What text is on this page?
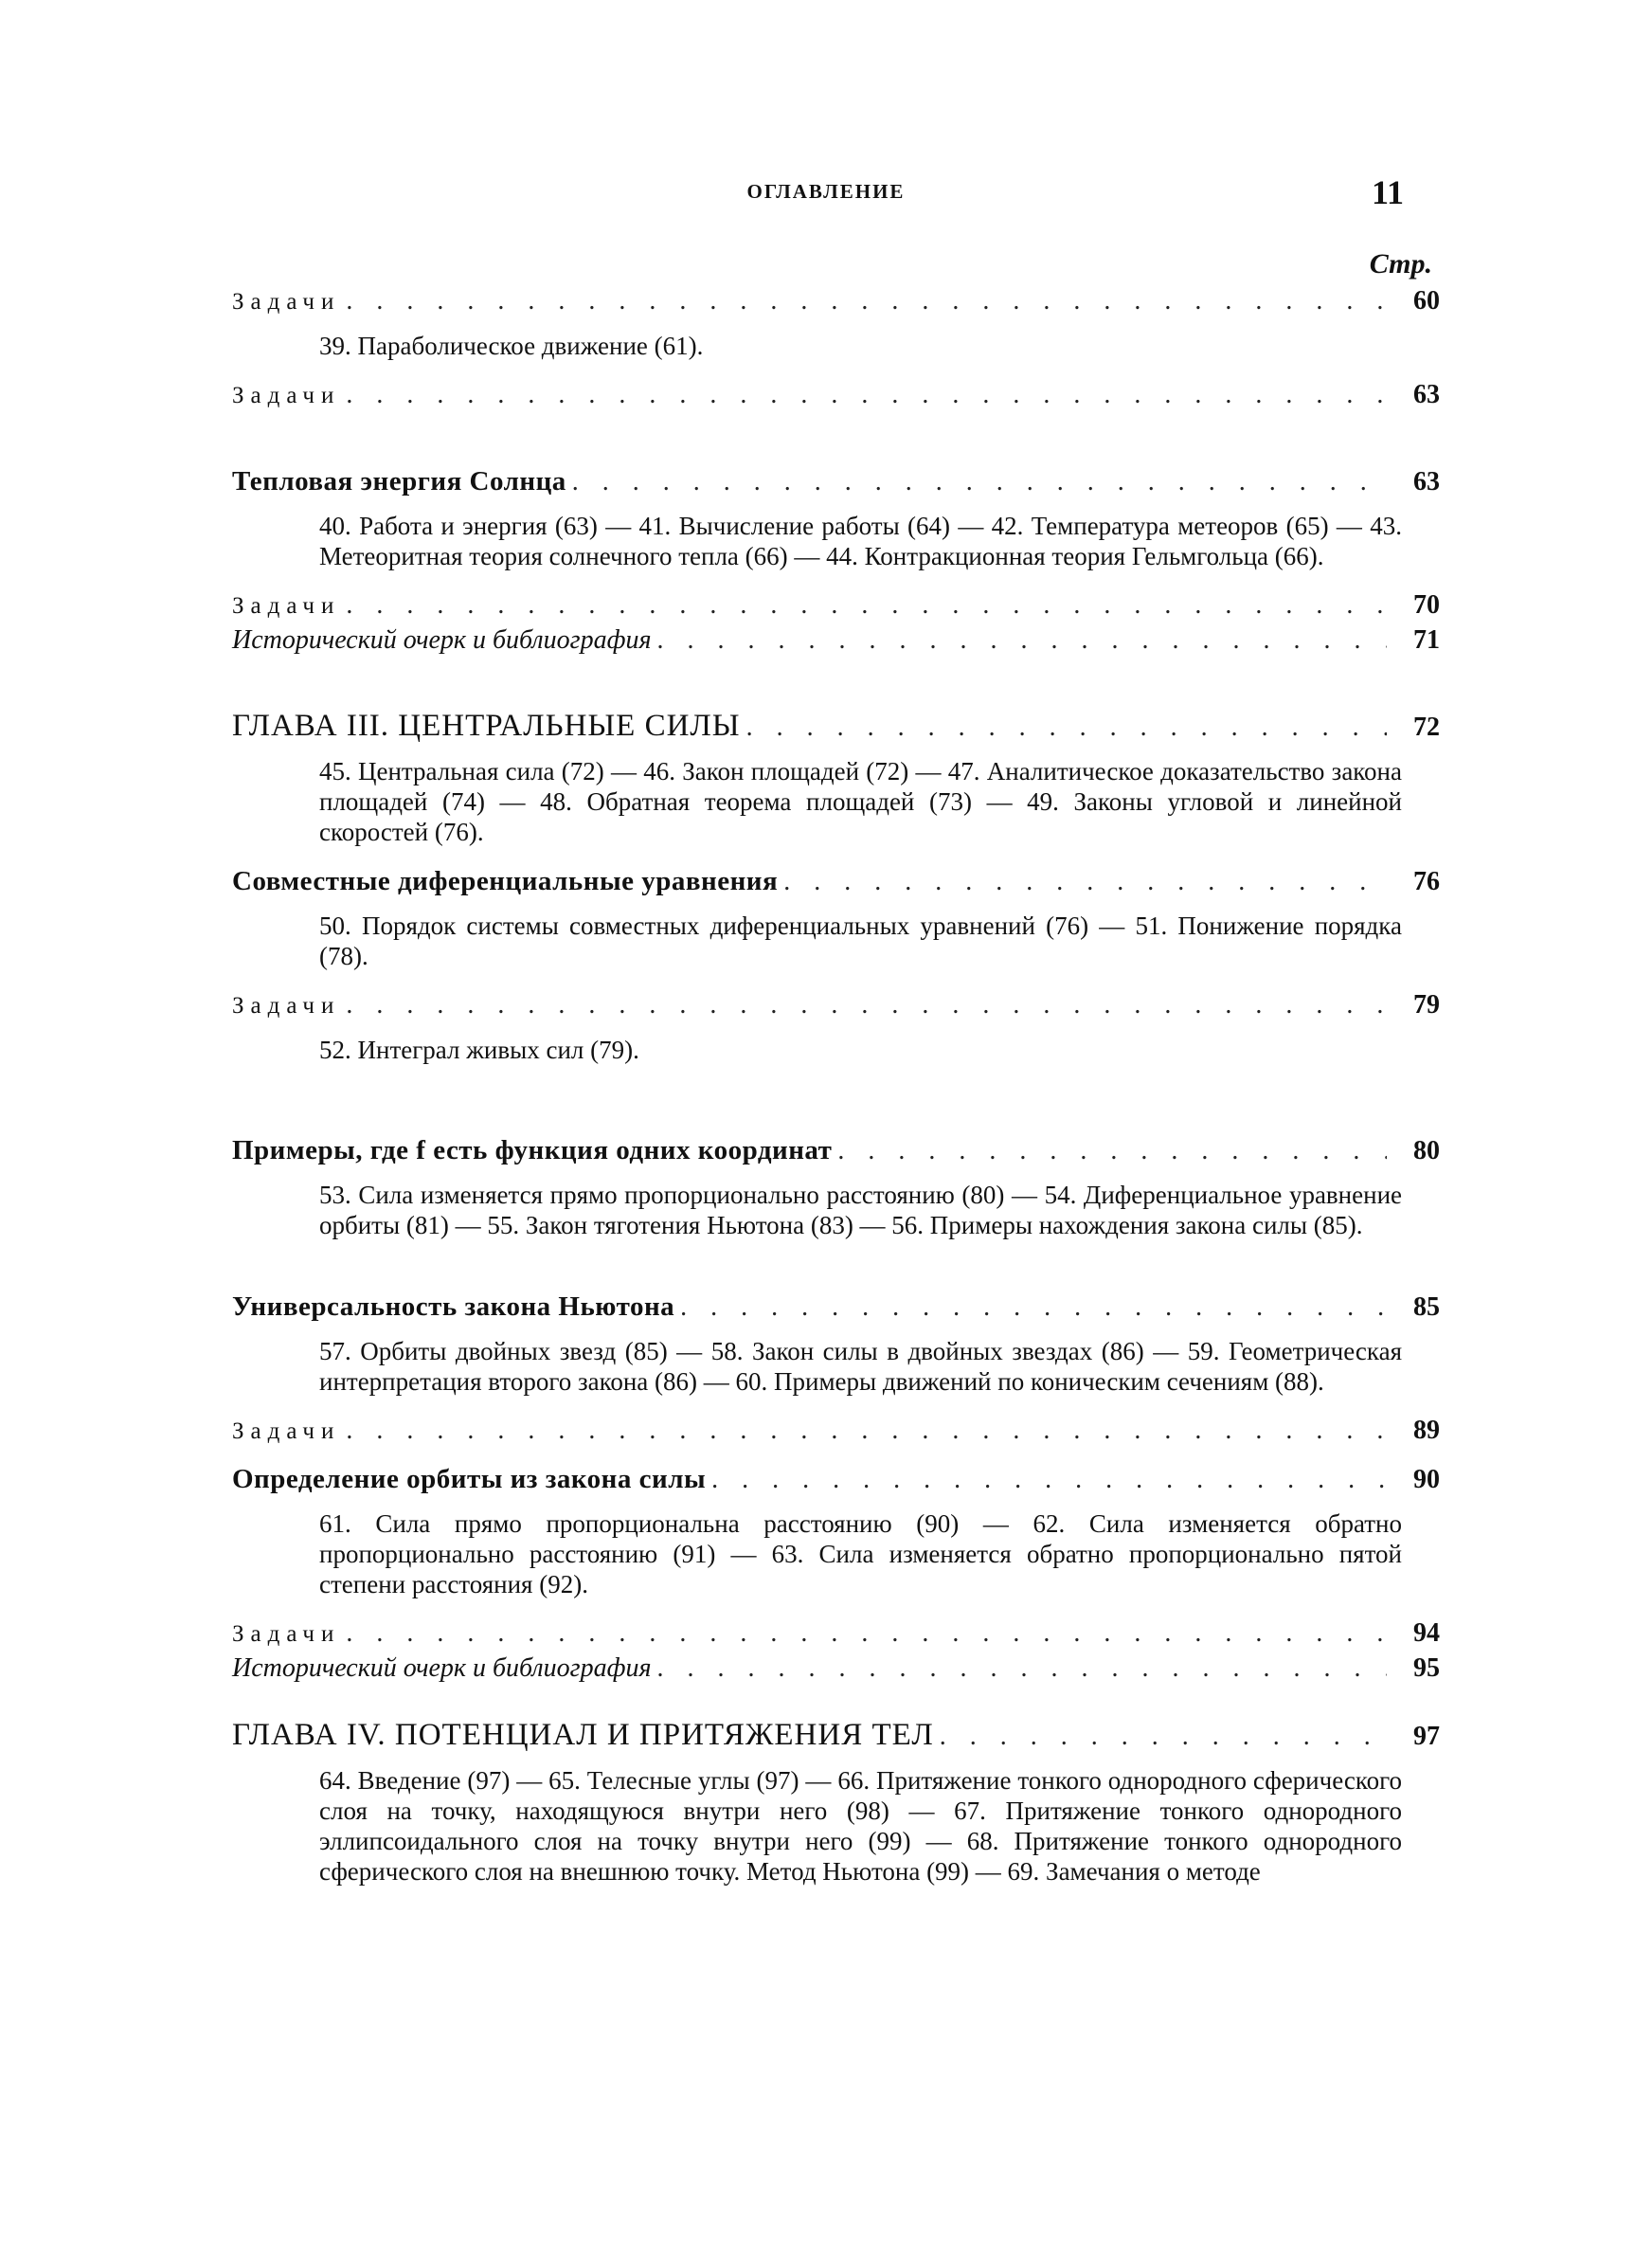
ОГЛАВЛЕНИЕ	11
Стр.
Задачи . . .	60
39. Параболическое движение (61).
Задачи . . .	63
Тепловая энергия Солнца . . .	63
40. Работа и энергия (63) — 41. Вычисление работы (64) — 42. Температура метеоров (65) — 43. Метеоритная теория солнечного тепла (66) — 44. Контракционная теория Гельмгольца (66).
Задачи . . .	70
Исторический очерк и библиография . . .	71
ГЛАВА III. ЦЕНТРАЛЬНЫЕ СИЛЫ . . .	72
45. Центральная сила (72) — 46. Закон площадей (72) — 47. Аналитическое доказательство закона площадей (74) — 48. Обратная теорема площадей (73) — 49. Законы угловой и линейной скоростей (76).
Совместные диференциальные уравнения . . .	76
50. Порядок системы совместных диференциальных уравнений (76) — 51. Понижение порядка (78).
Задачи . . .	79
52. Интеграл живых сил (79).
Примеры, где f есть функция одних координат . . .	80
53. Сила изменяется прямо пропорционально расстоянию (80) — 54. Диференциальное уравнение орбиты (81) — 55. Закон тяготения Ньютона (83) — 56. Примеры нахождения закона силы (85).
Универсальность закона Ньютона . . .	85
57. Орбиты двойных звезд (85) — 58. Закон силы в двойных звездах (86) — 59. Геометрическая интерпретация второго закона (86) — 60. Примеры движений по коническим сечениям (88).
Задачи . . .	89
Определение орбиты из закона силы . . .	90
61. Сила прямо пропорциональна расстоянию (90) — 62. Сила изменяется обратно пропорционально расстоянию (91) — 63. Сила изменяется обратно пропорционально пятой степени расстояния (92).
Задачи . . .	94
Исторический очерк и библиография . . .	95
ГЛАВА IV. ПОТЕНЦИАЛ И ПРИТЯЖЕНИЯ ТЕЛ . . .	97
64. Введение (97) — 65. Телесные углы (97) — 66. Притяжение тонкого однородного сферического слоя на точку, находящуюся внутри него (98) — 67. Притяжение тонкого однородного эллипсоидального слоя на точку внутри него (99) — 68. Притяжение тонкого однородного сферического слоя на внешнюю точку. Метод Ньютона (99) — 69. Замечания о методе
